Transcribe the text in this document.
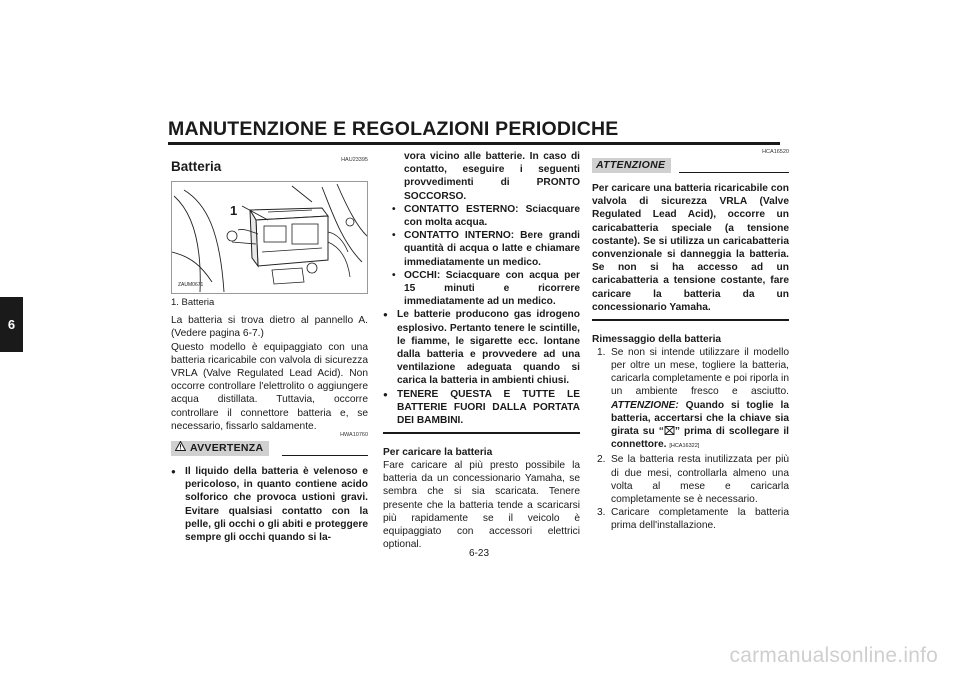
MANUTENZIONE E REGOLAZIONI PERIODICHE
6
HAU23395
Batteria
1
ZAUM0671
1. Batteria
La batteria si trova dietro al pannello A. (Vedere pagina 6-7.)
Questo modello è equipaggiato con una batteria ricaricabile con valvola di sicurezza VRLA (Valve Regulated Lead Acid). Non occorre controllare l'elettrolito o aggiungere acqua distillata. Tuttavia, occorre controllare il connettore batteria e, se necessario, fissarlo saldamente.
AVVERTENZA
HWA10760
● Il liquido della batteria è velenoso e pericoloso, in quanto contiene acido solforico che provoca ustioni gravi. Evitare qualsiasi contatto con la pelle, gli occhi o gli abiti e proteggere sempre gli occhi quando si la-
vora vicino alle batterie. In caso di contatto, eseguire i seguenti provvedimenti di PRONTO SOCCORSO.
• CONTATTO ESTERNO: Sciacquare con molta acqua.
• CONTATTO INTERNO: Bere grandi quantità di acqua o latte e chiamare immediatamente un medico.
• OCCHI: Sciacquare con acqua per 15 minuti e ricorrere immediatamente ad un medico.
● Le batterie producono gas idrogeno esplosivo. Pertanto tenere le scintille, le fiamme, le sigarette ecc. lontane dalla batteria e provvedere ad una ventilazione adeguata quando si carica la batteria in ambienti chiusi.
● TENERE QUESTA E TUTTE LE BATTERIE FUORI DALLA PORTATA DEI BAMBINI.
Per caricare la batteria
Fare caricare al più presto possibile la batteria da un concessionario Yamaha, se sembra che si sia scaricata. Tenere presente che la batteria tende a scaricarsi più rapidamente se il veicolo è equipaggiato con accessori elettrici optional.
ATTENZIONE
HCA16520
Per caricare una batteria ricaricabile con valvola di sicurezza VRLA (Valve Regulated Lead Acid), occorre un caricabatteria speciale (a tensione costante). Se si utilizza un caricabatteria convenzionale si danneggia la batteria. Se non si ha accesso ad un caricabatteria a tensione costante, fare caricare la batteria da un concessionario Yamaha.
Rimessaggio della batteria
1. Se non si intende utilizzare il modello per oltre un mese, togliere la batteria, caricarla completamente e poi riporla in un ambiente fresco e asciutto. ATTENZIONE: Quando si toglie la batteria, accertarsi che la chiave sia girata su “ ” prima di scollegare il connettore. [HCA16322]
2. Se la batteria resta inutilizzata per più di due mesi, controllarla almeno una volta al mese e caricarla completamente se è necessario.
3. Caricare completamente la batteria prima dell'installazione.
6-23
carmanualsonline.info
